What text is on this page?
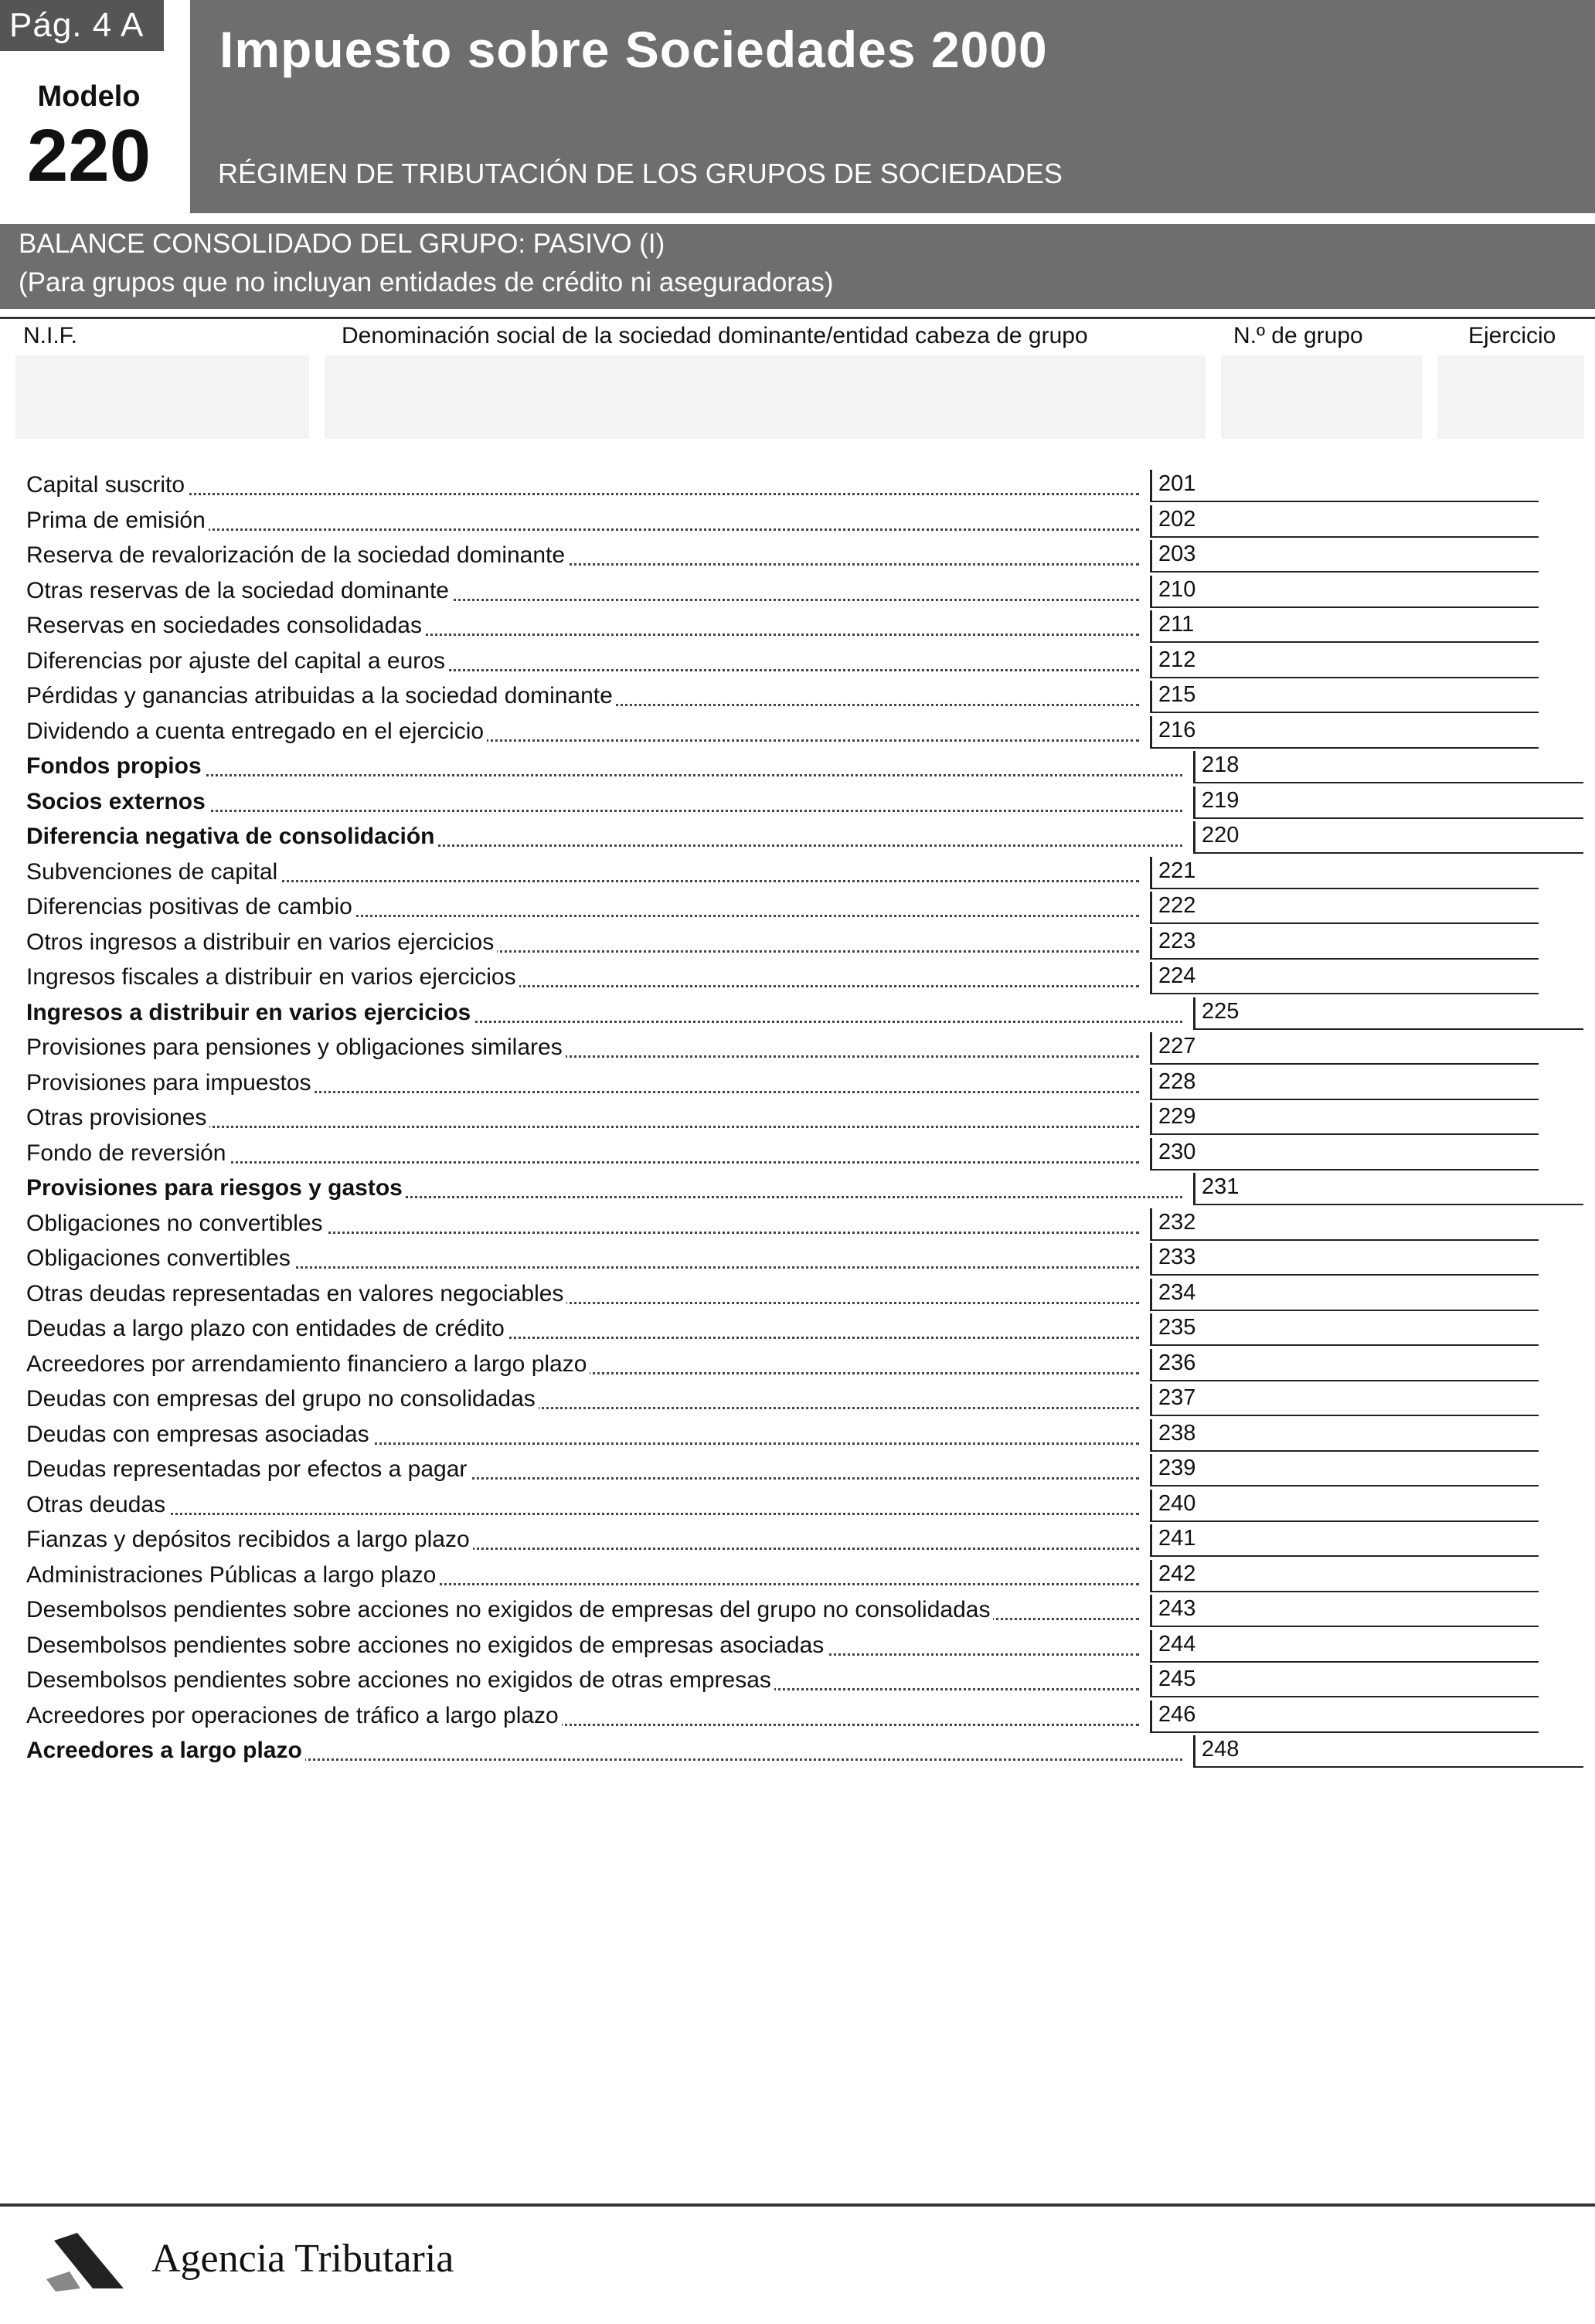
Pág. 4 A
Modelo
220
Impuesto sobre Sociedades 2000
RÉGIMEN DE TRIBUTACIÓN DE LOS GRUPOS DE SOCIEDADES
BALANCE CONSOLIDADO DEL GRUPO: PASIVO (I)
(Para grupos que no incluyan entidades de crédito ni aseguradoras)
N.I.F.	Denominación social de la sociedad dominante/entidad cabeza de grupo	N.º de grupo	Ejercicio
Capital suscrito	201
Prima de emisión	202
Reserva de revalorización de la sociedad dominante	203
Otras reservas de la sociedad dominante	210
Reservas en sociedades consolidadas	211
Diferencias por ajuste del capital a euros	212
Pérdidas y ganancias atribuidas a la sociedad dominante	215
Dividendo a cuenta entregado en el ejercicio	216
Fondos propios	218
Socios externos	219
Diferencia negativa de consolidación	220
Subvenciones de capital	221
Diferencias positivas de cambio	222
Otros ingresos a distribuir en varios ejercicios	223
Ingresos fiscales a distribuir en varios ejercicios	224
Ingresos a distribuir en varios ejercicios	225
Provisiones para pensiones y obligaciones similares	227
Provisiones para impuestos	228
Otras provisiones	229
Fondo de reversión	230
Provisiones para riesgos y gastos	231
Obligaciones no convertibles	232
Obligaciones convertibles	233
Otras deudas representadas en valores negociables	234
Deudas a largo plazo con entidades de crédito	235
Acreedores por arrendamiento financiero a largo plazo	236
Deudas con empresas del grupo no consolidadas	237
Deudas con empresas asociadas	238
Deudas representadas por efectos a pagar	239
Otras deudas	240
Fianzas y depósitos recibidos a largo plazo	241
Administraciones Públicas a largo plazo	242
Desembolsos pendientes sobre acciones no exigidos de empresas del grupo no consolidadas	243
Desembolsos pendientes sobre acciones no exigidos de empresas asociadas	244
Desembolsos pendientes sobre acciones no exigidos de otras empresas	245
Acreedores por operaciones de tráfico a largo plazo	246
Acreedores a largo plazo	248
Agencia Tributaria
